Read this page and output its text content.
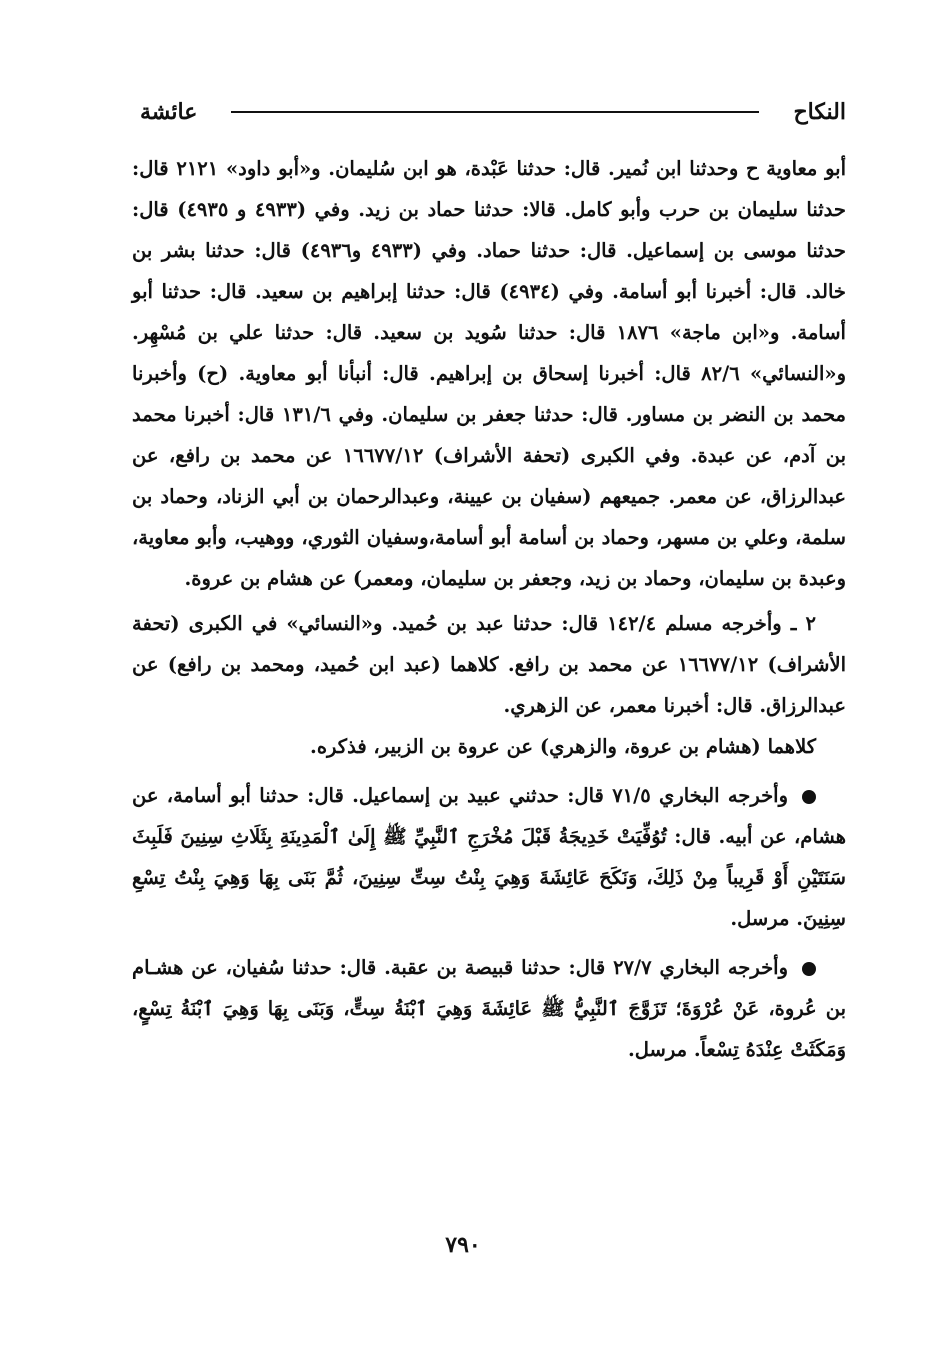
النكاح
عائشة

أبو معاوية ح وحدثنا ابن نُمير. قال: حدثنا عَبْدة، هو ابن سُليمان. و«أبو داود» ٢١٢١ قال: حدثنا سليمان بن حرب وأبو كامل. قالا: حدثنا حماد بن زيد. وفي (٤٩٣٣ و ٤٩٣٥) قال: حدثنا موسى بن إسماعيل. قال: حدثنا حماد. وفي (٤٩٣٣ و٤٩٣٦) قال: حدثنا بشر بن خالد. قال: أخبرنا أبو أسامة. وفي (٤٩٣٤) قال: حدثنا إبراهيم بن سعيد. قال: حدثنا أبو أسامة. و«ابن ماجة» ١٨٧٦ قال: حدثنا سُويد بن سعيد. قال: حدثنا علي بن مُسْهِر. و«النسائي» ٨٢/٦ قال: أخبرنا إسحاق بن إبراهيم. قال: أنبأنا أبو معاوية. (ح) وأخبرنا محمد بن النضر بن مساور. قال: حدثنا جعفر بن سليمان. وفي ١٣١/٦ قال: أخبرنا محمد بن آدم، عن عبدة. وفي الكبرى (تحفة الأشراف) ١٦٦٧٧/١٢ عن محمد بن رافع، عن عبدالرزاق، عن معمر. جميعهم (سفيان بن عيينة، وعبدالرحمان بن أبي الزناد، وحماد بن سلمة، وعلي بن مسهر، وحماد بن أسامة أبو أسامة،وسفيان الثوري، ووهيب، وأبو معاوية، وعبدة بن سليمان، وحماد بن زيد، وجعفر بن سليمان، ومعمر) عن هشام بن عروة.

٢ ـ وأخرجه مسلم ١٤٢/٤ قال: حدثنا عبد بن حُميد. و«النسائي» في الكبرى (تحفة الأشراف) ١٦٦٧٧/١٢ عن محمد بن رافع. كلاهما (عبد ابن حُميد، ومحمد بن رافع) عن عبدالرزاق. قال: أخبرنا معمر، عن الزهري.

كلاهما (هشام بن عروة، والزهري) عن عروة بن الزبير، فذكره.

وأخرجه البخاري ٧١/٥ قال: حدثني عبيد بن إسماعيل. قال: حدثنا أبو أسامة، عن هشام، عن أبيه. قال: تُوُفِّيَتْ خَدِيجَةُ قَبْلَ مُخْرَجِ ٱلنَّبِيِّ ﷺ إِلَىٰ ٱلْمَدِينَةِ بِثَلَاثِ سِنِينَ فَلَبِثَ سَنَتَيْنِ أَوْ قَرِيباً مِنْ ذَلِكَ، وَنَكَحَ عَائِشَةَ وَهِيَ بِنْتُ سِتِّ سِنِينَ، ثُمَّ بَنَى بِهَا وَهِيَ بِنْتُ تِسْعِ سِنِينَ. مرسل.

وأخرجه البخاري ٢٧/٧ قال: حدثنا قبيصة بن عقبة. قال: حدثنا سُفيان، عن هشـام بن عُروة، عَنْ عُرْوَةَ؛ تَزَوَّجَ ٱلنَّبِيُّ ﷺ عَائِشَةَ وَهِيَ ٱبْنَةُ سِتٍّ، وَبَنَى بِهَا وَهِيَ ٱبْنَةُ تِسْعٍ، وَمَكَثَتْ عِنْدَهُ تِسْعاً. مرسل.

٧٩٠
